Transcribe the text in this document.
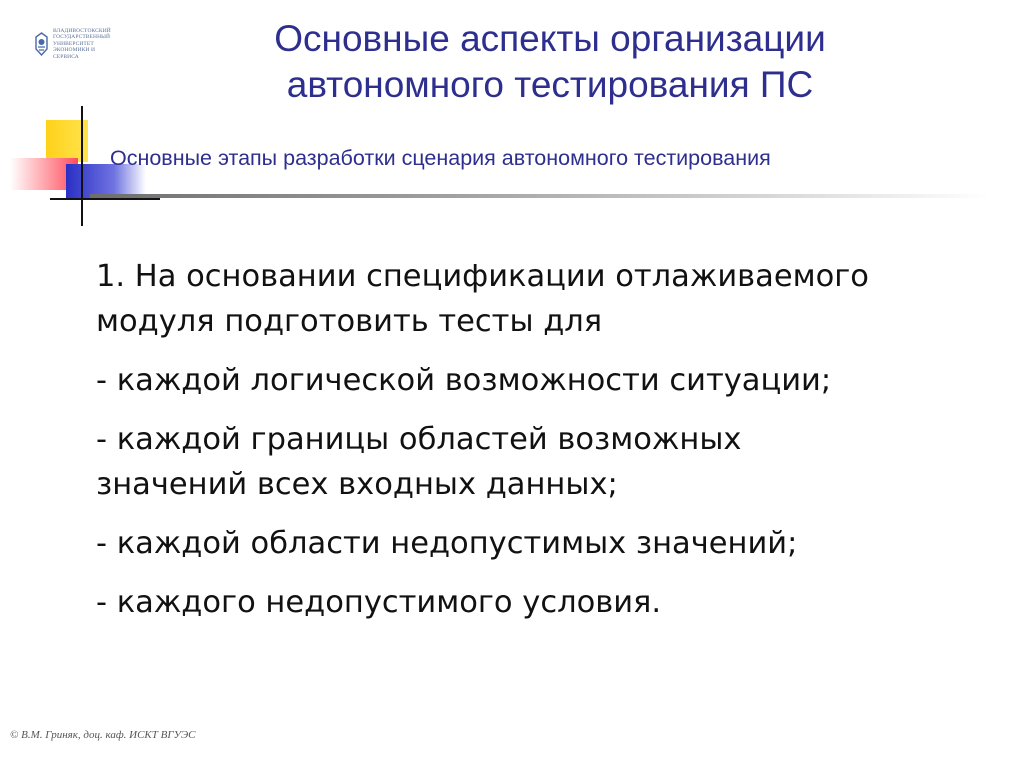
ВЛАДИВОСТОКСКИЙ
ГОСУДАРСТВЕННЫЙ
УНИВЕРСИТЕТ
ЭКОНОМИКИ И
СЕРВИСА	Основные аспекты организации
автономного тестирования ПС
Основные этапы разработки сценария автономного тестирования

1. На основании спецификации отлаживаемого
модуля подготовить тесты для

- каждой логической возможности ситуации;

- каждой границы областей возможных
значений всех входных данных;

- каждой области недопустимых значений;

- каждого недопустимого условия.

© В.М. Гриняк, доц. каф. ИСКТ ВГУЭС
